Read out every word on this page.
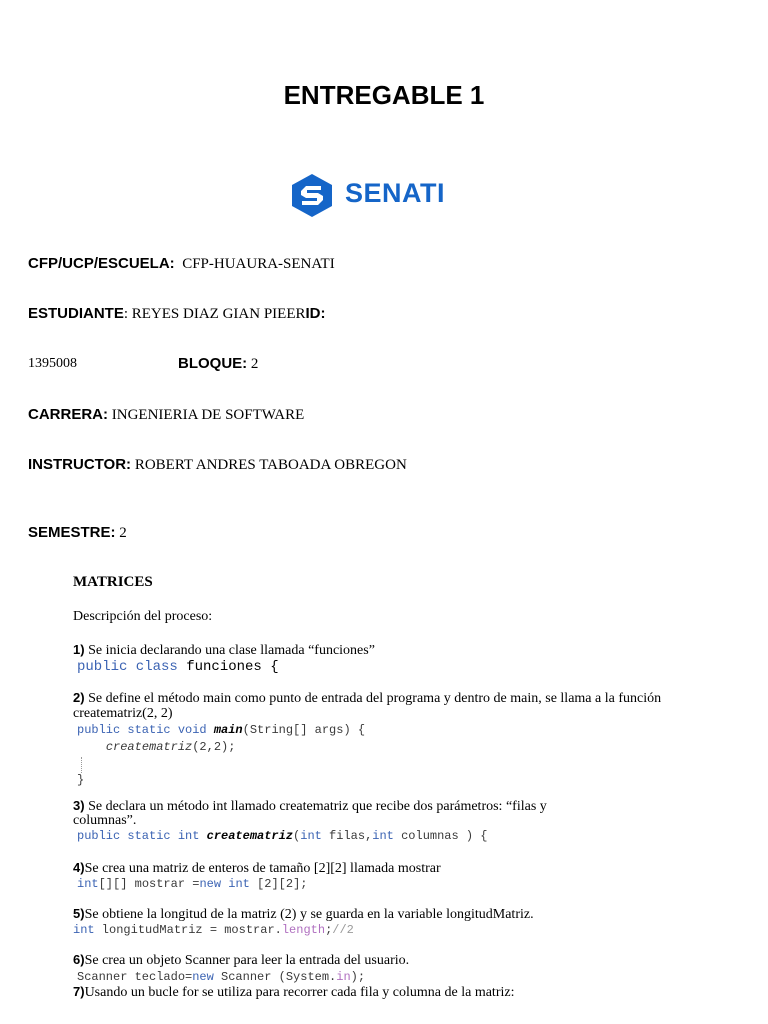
ENTREGABLE 1
SENATI
CFP/UCP/ESCUELA: CFP-HUAURA-SENATI
ESTUDIANTE: REYES DIAZ GIAN PIEERID:
1395008	BLOQUE: 2
CARRERA: INGENIERIA DE SOFTWARE
INSTRUCTOR: ROBERT ANDRES TABOADA OBREGON
SEMESTRE: 2
MATRICES
Descripción del proceso:
1) Se inicia declarando una clase llamada “funciones”
public class funciones {
2) Se define el método main como punto de entrada del programa y dentro de main, se llama a la función
creatematriz(2, 2)
public static void main(String[] args) {
creatematriz(2,2);
}
3) Se declara un método int llamado creatematriz que recibe dos parámetros: “filas y
columnas”.
public static int creatematriz(int filas,int columnas ) {
4)Se crea una matriz de enteros de tamaño [2][2] llamada mostrar
int[][] mostrar =new int [2][2];
5)Se obtiene la longitud de la matriz (2) y se guarda en la variable longitudMatriz.
int longitudMatriz = mostrar.length;//2
6)Se crea un objeto Scanner para leer la entrada del usuario.
Scanner teclado=new Scanner (System.in);
7)Usando un bucle for se utiliza para recorrer cada fila y columna de la matriz:
